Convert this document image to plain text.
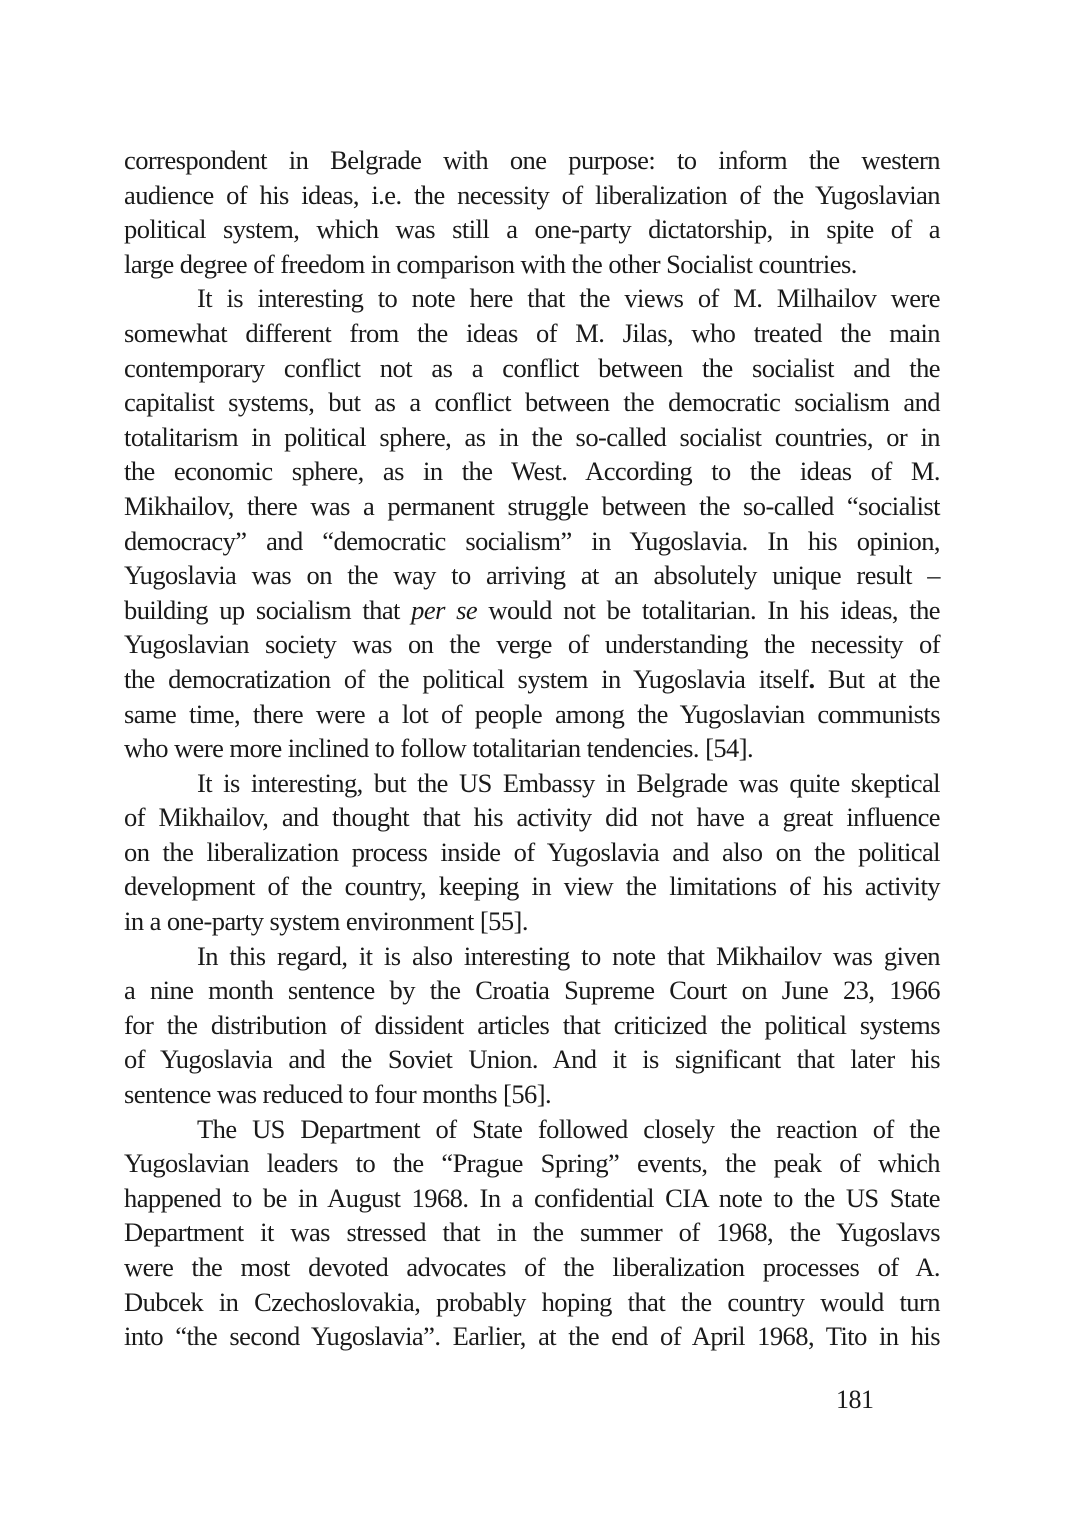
correspondent in Belgrade with one purpose: to inform the western
audience of his ideas, i.e. the necessity of liberalization of the Yugoslavian
political system, which was still a one-party dictatorship, in spite of a
large degree of freedom in comparison with the other Socialist countries.

It is interesting to note here that the views of M. Milhailov were
somewhat different from the ideas of M. Jilas, who treated the main
contemporary conflict not as a conflict between the socialist and the
capitalist systems, but as a conflict between the democratic socialism and
totalitarism in political sphere, as in the so-called socialist countries, or in
the economic sphere, as in the West. According to the ideas of M.
Mikhailov, there was a permanent struggle between the so-called “socialist
democracy” and “democratic socialism” in Yugoslavia. In his opinion,
Yugoslavia was on the way to arriving at an absolutely unique result –
building up socialism that per se would not be totalitarian. In his ideas, the
Yugoslavian society was on the verge of understanding the necessity of
the democratization of the political system in Yugoslavia itself. But at the
same time, there were a lot of people among the Yugoslavian communists
who were more inclined to follow totalitarian tendencies. [54].

It is interesting, but the US Embassy in Belgrade was quite skeptical
of Mikhailov, and thought that his activity did not have a great influence
on the liberalization process inside of Yugoslavia and also on the political
development of the country, keeping in view the limitations of his activity
in a one-party system environment [55].

In this regard, it is also interesting to note that Mikhailov was given
a nine month sentence by the Croatia Supreme Court on June 23, 1966
for the distribution of dissident articles that criticized the political systems
of Yugoslavia and the Soviet Union. And it is significant that later his
sentence was reduced to four months [56].

The US Department of State followed closely the reaction of the
Yugoslavian leaders to the “Prague Spring” events, the peak of which
happened to be in August 1968. In a confidential CIA note to the US State
Department it was stressed that in the summer of 1968, the Yugoslavs
were the most devoted advocates of the liberalization processes of A.
Dubcek in Czechoslovakia, probably hoping that the country would turn
into “the second Yugoslavia”. Earlier, at the end of April 1968, Tito in his

181
